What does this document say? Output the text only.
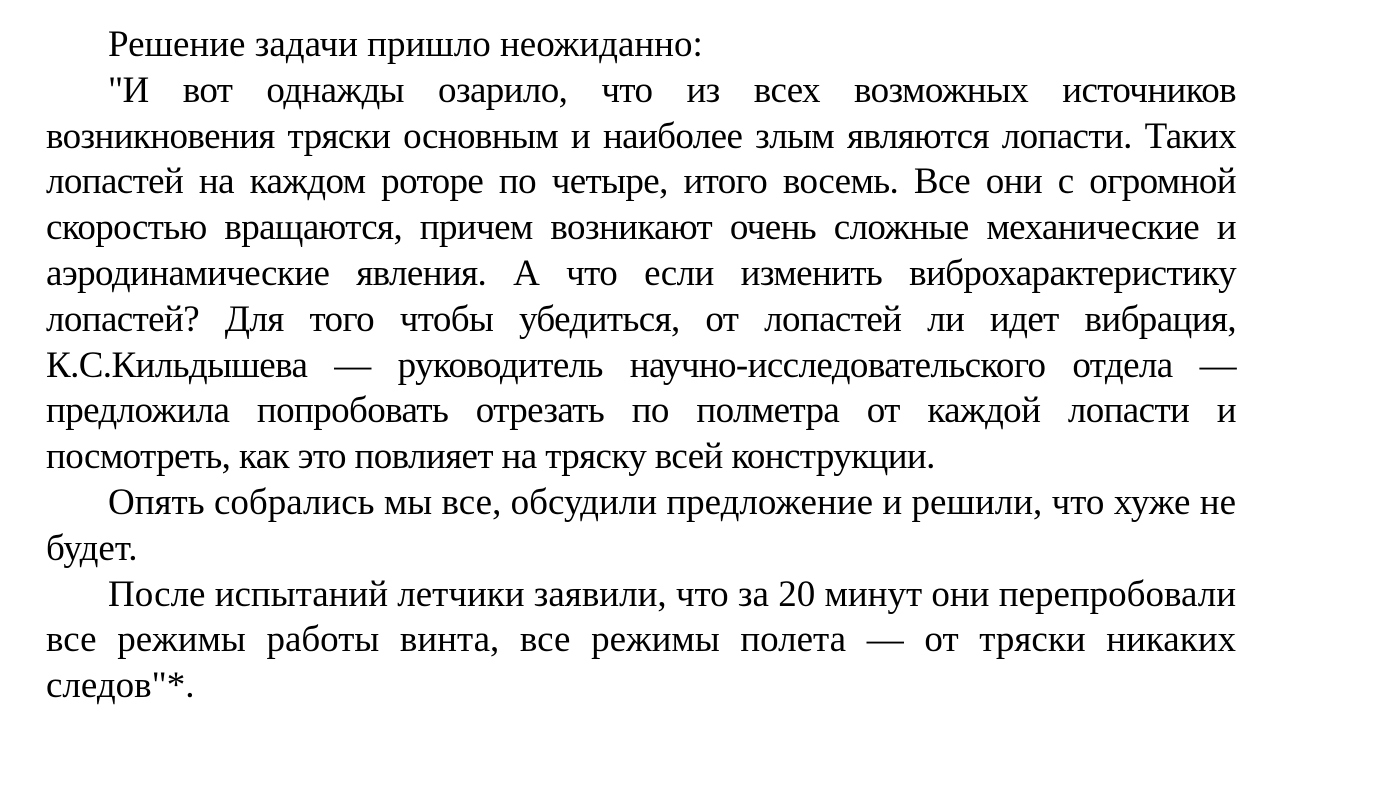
Решение задачи пришло неожиданно:

"И вот однажды озарило, что из всех возможных источников возникновения тряски основным и наиболее злым являются лопасти. Таких лопастей на каждом роторе по четыре, итого восемь. Все они с огромной скоростью вращаются, причем возникают очень сложные механические и аэродинамические явления. А что если изменить виброхарактеристику лопастей? Для того чтобы убедиться, от лопастей ли идет вибрация, К.С.Кильдышева — руководитель научно-исследовательского отдела — предложила попробовать отрезать по полметра от каждой лопасти и посмотреть, как это повлияет на тряску всей конструкции.

Опять собрались мы все, обсудили предложение и решили, что хуже не будет.

После испытаний летчики заявили, что за 20 минут они перепробовали все режимы работы винта, все режимы полета — от тряски никаких следов"*.
